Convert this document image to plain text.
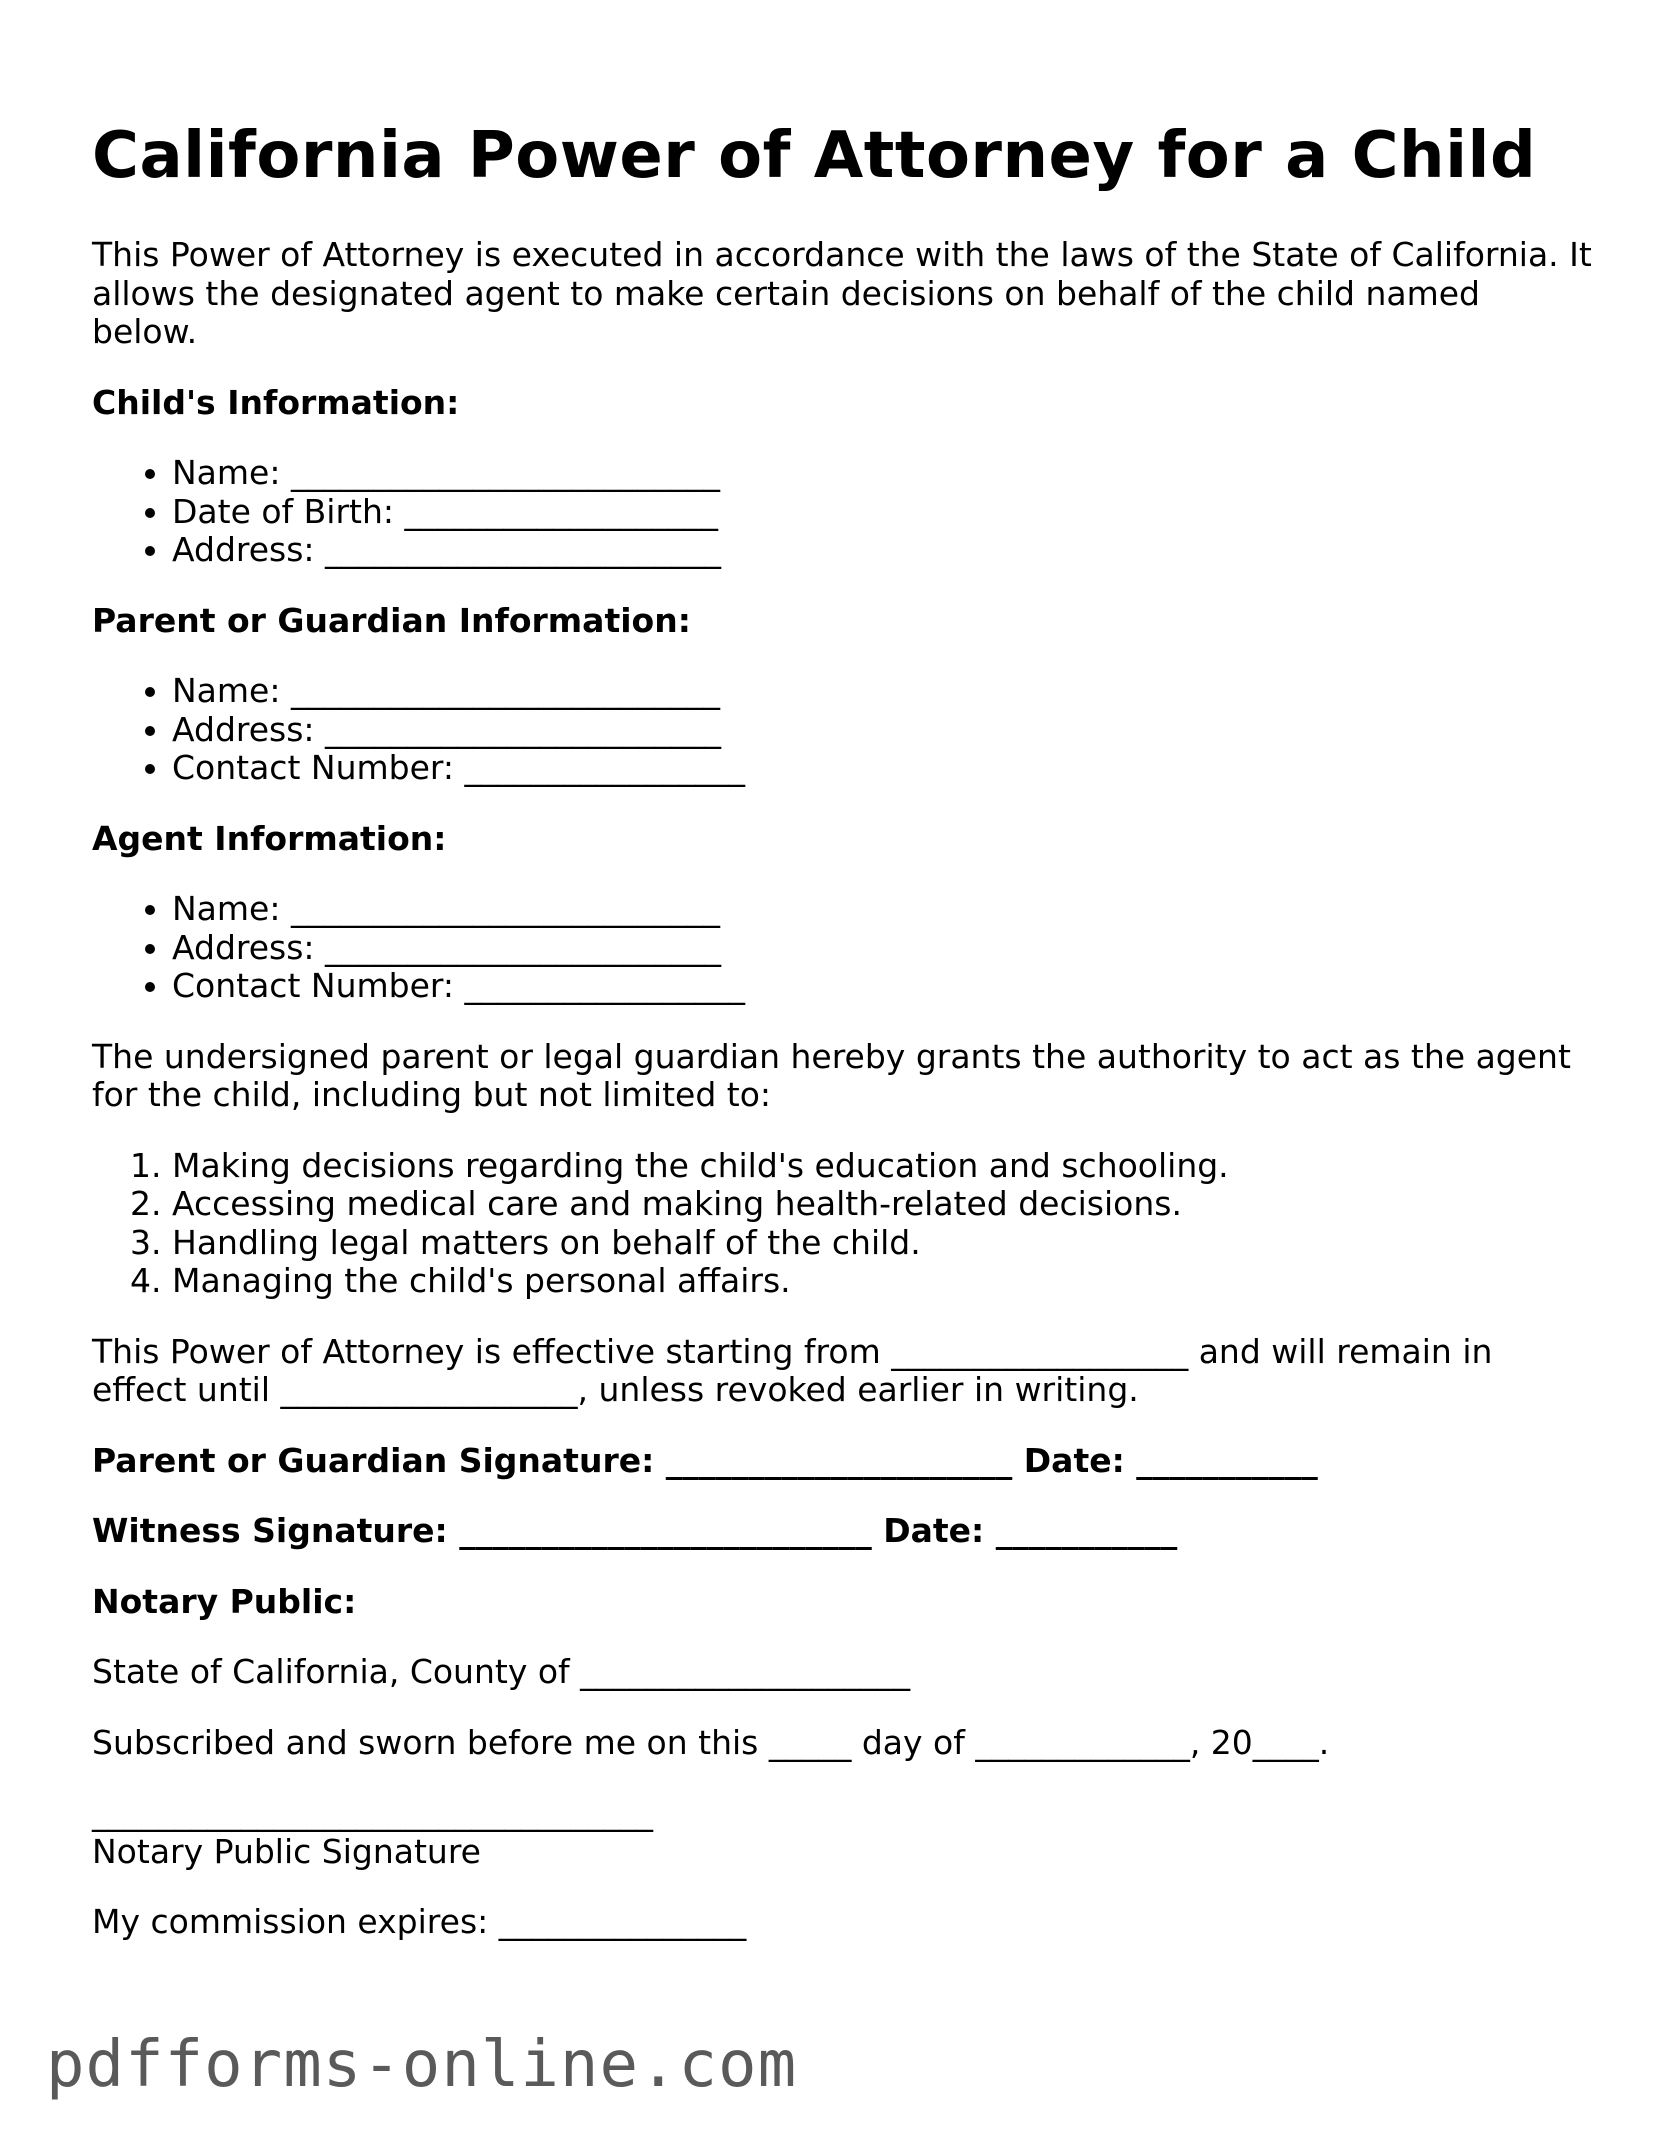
California Power of Attorney for a Child

This Power of Attorney is executed in accordance with the laws of the State of California. It allows the designated agent to make certain decisions on behalf of the child named below.

Child's Information:
• Name: __________________________
• Date of Birth: ___________________
• Address: ________________________
Parent or Guardian Information:
• Name: __________________________
• Address: ________________________
• Contact Number: _________________
Agent Information:
• Name: __________________________
• Address: ________________________
• Contact Number: _________________

The undersigned parent or legal guardian hereby grants the authority to act as the agent for the child, including but not limited to:

1. Making decisions regarding the child's education and schooling.
2. Accessing medical care and making health-related decisions.
3. Handling legal matters on behalf of the child.
4. Managing the child's personal affairs.

This Power of Attorney is effective starting from __________________ and will remain in effect until __________________, unless revoked earlier in writing.

Parent or Guardian Signature: _____________________ Date: ___________

Witness Signature: _________________________ Date: ___________

Notary Public:

State of California, County of ____________________

Subscribed and sworn before me on this _____ day of _____________, 20____.

__________________________________
Notary Public Signature

My commission expires: _______________

pdfforms-online.com
